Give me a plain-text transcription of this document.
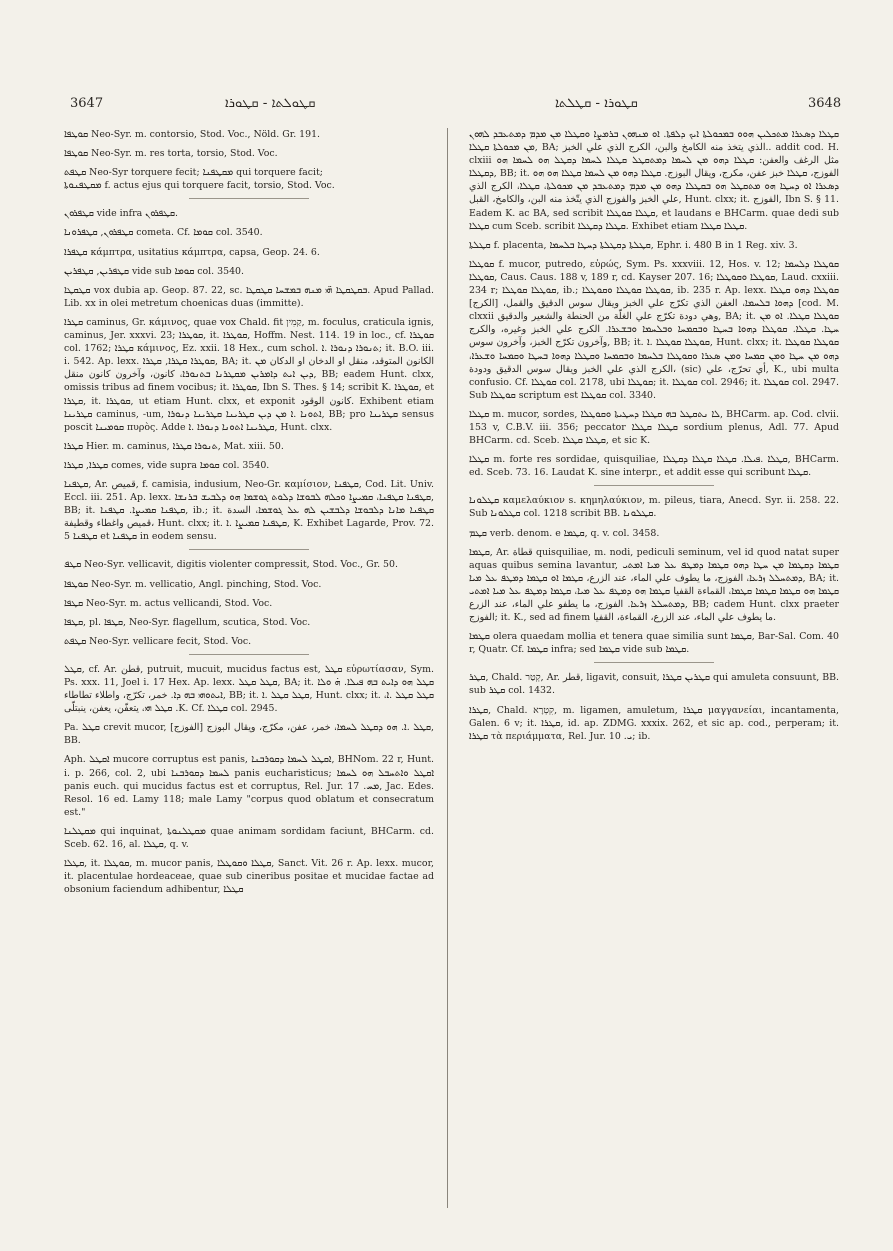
3647	ܩܛܘܠܬܐ - ܩܛܘܪܐ	ܩܛܘܪܐ - ܩܛܠܬܐ	3648
ܩܘܛܦܐ Neo-Syr. m. contorsio, Stod. Voc., Nöld. Gr. 191.
ܩܘܛܦܐ Neo-Syr. m. res torta, torsio, Stod. Voc.
ܩܛܦܬ Neo-Syr torquere fecit; ܡܩܛܦܢܐ qui torquere facit;
ܡܩܛܦܢܘܬܐ f. actus ejus qui torquere facit, torsio, Stod. Voc.
ܩܛܦܪܘܢ vide infra ܩܛܦܪܘܢ.
ܩܛܦܪܘܢ, ܩܛܦܪܘܢܐ cometa. Cf. ܩܘܡܐ col. 3540.
ܩܛܦܪܐ κάμπτρα, usitatius κάμπτρα, capsa, Geop. 24. 6.
ܩܛܦܪܝܢ, ܩܛܦܪܝܢ vide sub ܩܘܡܐ col. 3540.
ܩܛܩܛܐ vox dubia ap. Geop. 87. 22, sc. ܒܩܛܩܛܐ ܗ̈ܝ ܡܢܗ ܒܡܫܚܐ ܩܛܩܛܐ. Apud Pallad. Lib. xx in olei metretum choenicas duas (immitte).
ܩܛܪܐ caminus, Gr. κάμινος, quae vox Chald. fit קַמִין, m. foculus, craticula ignis, caminus, Jer. xxxvi. 23; ܩܘܛܪܐ, it. ܩܘܛܪܐ, Hoffm. Nest. 114. 19 in loc., cf. ܩܘܛܪܐ col. 1762; ܩܛܪܐ κάμινος, Ez. xxii. 18 Hex., cum schol. ܬܢܘܪܐ ܕܢܘܪܐ .ܐ; it. B.O. iii. i. 542. Ap. lexx. ܩܘܛܪܐ ܩܛܪܐ, ܩܛܪܐ, BA; it. الكانون المتوقد، منقل او الدخان او الدكان ܡܢ ܕܝܢ ܐܝܬ ܕܐܡܪܝܢ ܡܩܛܪܢܐ ܒܬܢܘܪܐ، كانون، وآخرون كانون منقل, BB; eadem Hunt. clxx, omissis tribus ad finem vocibus; it. ܩܘܛܪܐ, Ibn S. Thes. § 14; scribit K. ܩܘܛܪܐ, et ܩܛܪܐ, it. ܩܘܛܪܐ, ut etiam Hunt. clxx, et exponit كانون الوقود. Exhibent etiam ܩܛܪܝܢܐ caminus, -um, ܐܬܘܢܐ .ܐ ܡܢ ܕܝܢ ܩܛܪܝܢܐ ܩܛܪܝܢܐ ܕܢܘܪܐ, BB; pro ܩܛܪܝܢܐ sensus poscit ܩܘܡܝܢܐ πυρὸς. Adde ܩܛܪܝܢܐ ܐܬܘܢܐ ܕܢܘܪܐ .ܐ, Hunt. clxx.
ܩܛܪܐ Hier. m. caminus, ܬܢܘܪܐ ܩܛܪܐ, Mat. xiii. 50.
ܩܛܪܐ, ܩܛܪܐ comes, vide supra ܩܘܡܐ col. 3540.
ܩܛܦܢܐ, Ar. قميص, f. camisia, indusium, Neo-Gr. καμίσιον, ܩܛܦܢܐ, Cod. Lit. Univ. Eccl. iii. 251. Ap. lexx. ܩܛܦܢܐ ܩܛܦܢܐ، ܩܡܝܨܐ ܘܟܠܗ ܠܒܘܫܐ ܕܠܘܬ ܓܘܫܡܐ ܗܘ ܕܠܒܝܫ ܒܪܢܫܐ, BB; it. ܩܛܦܢܐ ܩܡܝܨܐ. ܩܛܦܢܐ, ib.; it. ܩܛܦܢܐ ܡܐܢܐ ܕܠܒܘܫܐ ܕܠܒܫܝܢ ܠܗ ܥܠ ܓܘܫܡܐ، السدة قميص واغطاء وقطيفة، Hunt. clxx; it. ܩܛܦܢܐ ܩܡܝܨܐ .ܐ, K. Exhibet Lagarde, Prov. 72. 5 ܩܛܦܢܐ et ܩܛܦܢܐ in eodem sensu.
ܩܛܦ Neo-Syr. vellicavit, digitis violenter compressit, Stod. Voc., Gr. 50.
ܩܘܛܦܐ Neo-Syr. m. vellicatio, Angl. pinching, Stod. Voc.
ܩܛܦܐ Neo-Syr. m. actus vellicandi, Stod. Voc.
ܩܛܦܐ, pl. ܩܛܦܐ, Neo-Syr. flagellum, scutica, Stod. Voc.
ܩܛܦܬ Neo-Syr. vellicare fecit, Stod. Voc.
ܩܛܠ, cf. Ar. قطن, putruit, mucuit, mucidus factus est, ܩܛܠ εὐρωτίασαν, Sym. Ps. xxx. 11, Joel i. 17 Hex. Ap. lexx. ܩܛܠ ܩܛܠ, BA; it. ܩܛܠ ܗܘ ܕܐܝܬ ܒܗ ܦܝܠܐ. ܗ̇ ܘܠܐ ܐܝܬܘܗܝ ܒܗ ܕܐ. خمر، تكرّج، واطلاء تطاطاء, BB; it. ܩܛܠ ܩܛܠ .ܐ, Hunt. clxx; it. ܩܛܠ ܩܛܠ .ܐ، ܩܛܠ ܗܝ، يتعفّن، يعفن، ينبتلّى .K. Cf. ܩܛܠܐ col. 2945.
Pa. ܩܛܠ crevit mucor, ܩܛܠ .ܐ. ܗܘ ܕܩܛܠ ܠܚܡܐ، خمر، عفن، مكرّج، ويقال البوزج [الفوزج], BB.
Aph. ܐܩܛܠ mucore corruptus est panis, ܐܩܛܠ ܠܚܡܐ ܕܩܘܪܒܢܐ, BHNom. 22 r, Hunt. i. p. 266, col. 2, ubi ܠܚܡܐ ܕܩܘܪܒܢܐ panis eucharisticus; ܐܩܛܠ ܘܐܬܚܒܠ ܗܘ ܠܚܡܐ panis euch. qui mucidus factus est et corruptus, Rel. Jur. ܡܚ. 17, Jac. Edes. Resol. 16 ed. Lamy 118; male Lamy "corpus quod oblatum et consecratum est."
ܡܩܛܠܢܐ qui inquinat, ܡܩܛܠܢܘܬܐ quae animam sordidam faciunt, BHCarm. cd. Sceb. 62. 16, al. ܩܛܠܐ, q. v.
ܩܛܠܐ, it. ܩܘܛܠܐ, m. mucor panis, ܩܛܠܐ ܘܩܘܛܠܐ, Sanct. Vit. 26 r. Ap. lexx. mucor, it. placentulae hordeaceae, quae sub cineribus positae et mucidae factae ad obsonium faciendum adhibentur, ܩܛܠܐ
ܩܛܠܐ ܕܣܥܪܐ ܡܬܟܠܝܢ ܗܘܘ ܒܡܟܘܠܬܐ ܐܝܟ ܕܠܦܬܐ. ܐܘ ܡܢܗܘܢ ܒܪܡܨܐ ܘܩܛܠܐ ܡܢ ܡܕܡ ܕܡܬܥܒܕ ܠܗܘܢ ܡܢ ܡܟܘܠܬܐ ܩܛܠܐ, BA; الذي يتخذ منه الكامخ والبن، الكرج الذي علي الخبز.. addit cod. H. clxiii مثل الرغف والعفن: ܩܛܠܐ ܕܗܘ ܡܢ ܠܚܡܐ ܕܡܬܩܛܠ ܩܛܠܐ ܠܚܡܐ ܕܩܛܠ ܗܘ ܠܚܡܐ ܗܘ ܕܩܛܠܐ, BB; it. الفوزج، ܩܛܠܐ خبز عفن، مكرج، ويقال البوزج. ܩܛܠܐ ܕܗܘ ܡܢ ܠܚܡܐ ܩܛܠܐ ܗܘ ܗܘ ܕܣܥܪܐ ܐܘ ܕܚܛܐ ܗܘ ܡܬܩܛܠ ܗܘ ܒܩܛܠܐ ܕܗܘ ܡܢ ܡܕܡ ܕܡܬܥܒܕ ܡܢ ܡܟܘܠܬܐ، ܩܛܠܐ، الكرج الذي علي الخبز والفوزج الذي يتّخذ منه البن، والكامخ، القبل, Hunt. clxx; it. الفوزج, Ibn S. § 11. Eadem K. ac BA, sed scribit ܩܛܠܐ ܩܘܛܠܐ, et laudans e BHCarm. quae dedi sub ܩܛܠܐ cum Sceb. scribit ܩܛܠܐ ܕܩܛܠܐ. Exhibet etiam ܩܛܠܐ ܩܛܠܐ.
ܩܛܠܬܐ f. placenta, ܩܛܠܬܐ ܕܩܛܠܬܐ ܕܚܛܐ ܒܠܚܡܐ, Ephr. i. 480 B in 1 Reg. xiv. 3.
ܩܘܛܠܐ f. mucor, putredo, εὐρώς, Sym. Ps. xxxviii. 12, Hos. v. 12; ܩܘܛܠܐ ܕܠܚܡܐ ܩܘܛܠܐ, Caus. Caus. 188 v, 189 r, cd. Kayser 207. 16; ܩܘܛܠܐ ܘܩܘܛܠܐ, Laud. cxxiii. 234 r; ܩܘܛܠܐ ܩܘܛܠܐ, ib.; ܩܘܛܠܐ ܩܘܛܠܐ ܘܩܘܛܠܐ, ib. 235 r. Ap. lexx. ܩܘܛܠܐ ܕܗܘ ܩܛܠܐ ܕܗܘܐ ܒܠܚܡܐ، العفن الذي تكرّج علي الخبز ويقال سوس الدقيق والقمل، [الكرج] [cod. M. clxxii وهي دودة تكرّج علي الغلّة من الحنطة والشعير والدقيق, BA; it. ܩܘܛܠܐ ܩܛܠܐ. ܐܘ ܡܢ ܚܛܐ. ܩܛܠܐ. ܩܘܛܠܐ ܕܗܘܐ ܒܚܛܐ ܘܒܩܡܚܐ ܘܒܠܚܡܐ ܘܒܫܥܪܐ. الكرج علي الخبز وغيره، والكرج وآخرون تكرّج الخبز، وآخرون سوس, BB; it. ܩܘܛܠܐ ܩܘܛܠܐ .ܐ, Hunt. clxx; it. ܩܘܛܠܐ ܩܘܛܠܐ ܕܗܘ ܡܢ ܚܛܐ ܘܡܢ ܩܡܚܐ ܘܡܢ ܣܥܪܐ ܘܩܘܛܠܐ ܒܠܚܡܐ ܘܒܩܡܚܐ ܘܩܛܠܐ ܕܗܘܐ ܒܚܛܐ ܘܩܡܚܐ ܘܫܥܪܐ، الكرج الذي علي الخبز ويقال سوس الدقيق ودودة، (sic) أي تحرّج، علي, K., ubi multa confusio. Cf. ܩܘܛܠܐ col. 2178, ubi ܩܘܛܠܐ; it. ܩܘܛܠܐ col. 2946; it. ܩܘܛܠܐ col. 2947. Sub ܩܘܛܠܐ scriptum est ܩܘܛܠܐ col. 3340.
ܩܛܠܐ m. mucor, sordes, ܠܐ ܢܬܩܛܠ ܒܗ ܩܛܠܐ ܕܚܛܝܬܐ ܘܩܘܛܠܐ, BHCarm. ap. Cod. clvii. 153 v, C.B.V. iii. 356; peccator ܩܛܠܐ ܩܛܠܐ sordium plenus, Adl. 77. Apud BHCarm. cd. Sceb. ܩܛܠܐ ܩܛܠܐ, et sic K.
ܩܛܠܐ m. forte res sordidae, quisquiliae, ܩܛܠܐ .ܦܝܠܐ. ܩܛܠܐ ܩܛܠܐ ܕܩܛܠܐ, BHCarm. ed. Sceb. 73. 16. Laudat K. sine interpr., et addit esse qui scribunt ܩܛܠܐ.
ܩܛܠܘܢܐ καμελαύκιον s. κημηλαύκιον, m. pileus, tiara, Anecd. Syr. ii. 258. 22. Sub ܩܛܠܘܢܐ col. 1218 scribit BB. ܩܛܠܘܢܐ.
ܩܛܡ verb. denom. e ܩܛܡܐ, q. v. col. 3458.
ܩܛܡܐ, Ar. قطاة quisquiliae, m. nodi, pediculi seminum, vel id quod natat super aquas quibus semina lavantur, ܩܛܡܐ ܕܩܛܡܐ ܡܢ ܚܛܐ ܕܗܘ ܩܛܡܐ ܕܡܛܦ ܥܠ ܡܝܐ ܐܡܬܝ ܕܡܬܚܠܠ ܙܪܥܐ، الفوزج، ما يطوف علي الماء، عند الزرع، ܩܛܡܐ ܐܘ ܩܛܡܐ ܕܡܛܦ ܥܠ ܡܝܐ, BA; it. ܩܛܡܐ ܗܘ ܩܛܡܐ ܩܛܡܐ ܩܛܡܐ، القماءة القفيا ܩܛܡܐ ܗܘ ܕܡܛܦ ܥܠ ܡܝܐ، ܩܛܡܐ ܕܡܛܦ ܥܠ ܡܝܐ ܐܡܬܝ ܕܡܬܚܠܠ ܙܪܥܐ. الفوزج، ما يطفو علي الماء، عند الزرع, BB; cadem Hunt. clxx praeter الفوزج; it. K., sed ad finem ما يطوف علي الماء، عند الزرع، القماءة، القفيا.
ܩܛܡܐ olera quaedam mollia et tenera quae similia sunt ܩܛܡܐ, Bar-Sal. Com. 40 r, Quatr. Cf. ܩܛܡܐ infra; sed ܩܛܡܐ vide sub ܩܛܡܐ.
ܩܛܪ, Chald. קְטַר, Ar. قطر, ligavit, consuit, ܩܛܪܝܢ ܩܛܪܐ qui amuleta consuunt, BB. sub ܩܛܪ col. 1432.
ܩܛܪܐ, Chald. קִטְרָא, m. ligamen, amuletum, ܩܛܪܐ μαγγανείαι, incantamenta, Galen. 6 v; it. ܩܛܪܐ, id. ap. ZDMG. xxxix. 262, et sic ap. cod., perperam; it. ܩܛܪܐ τὰ περιάμματα, Rel. Jur. ܝ. 10; ib.
